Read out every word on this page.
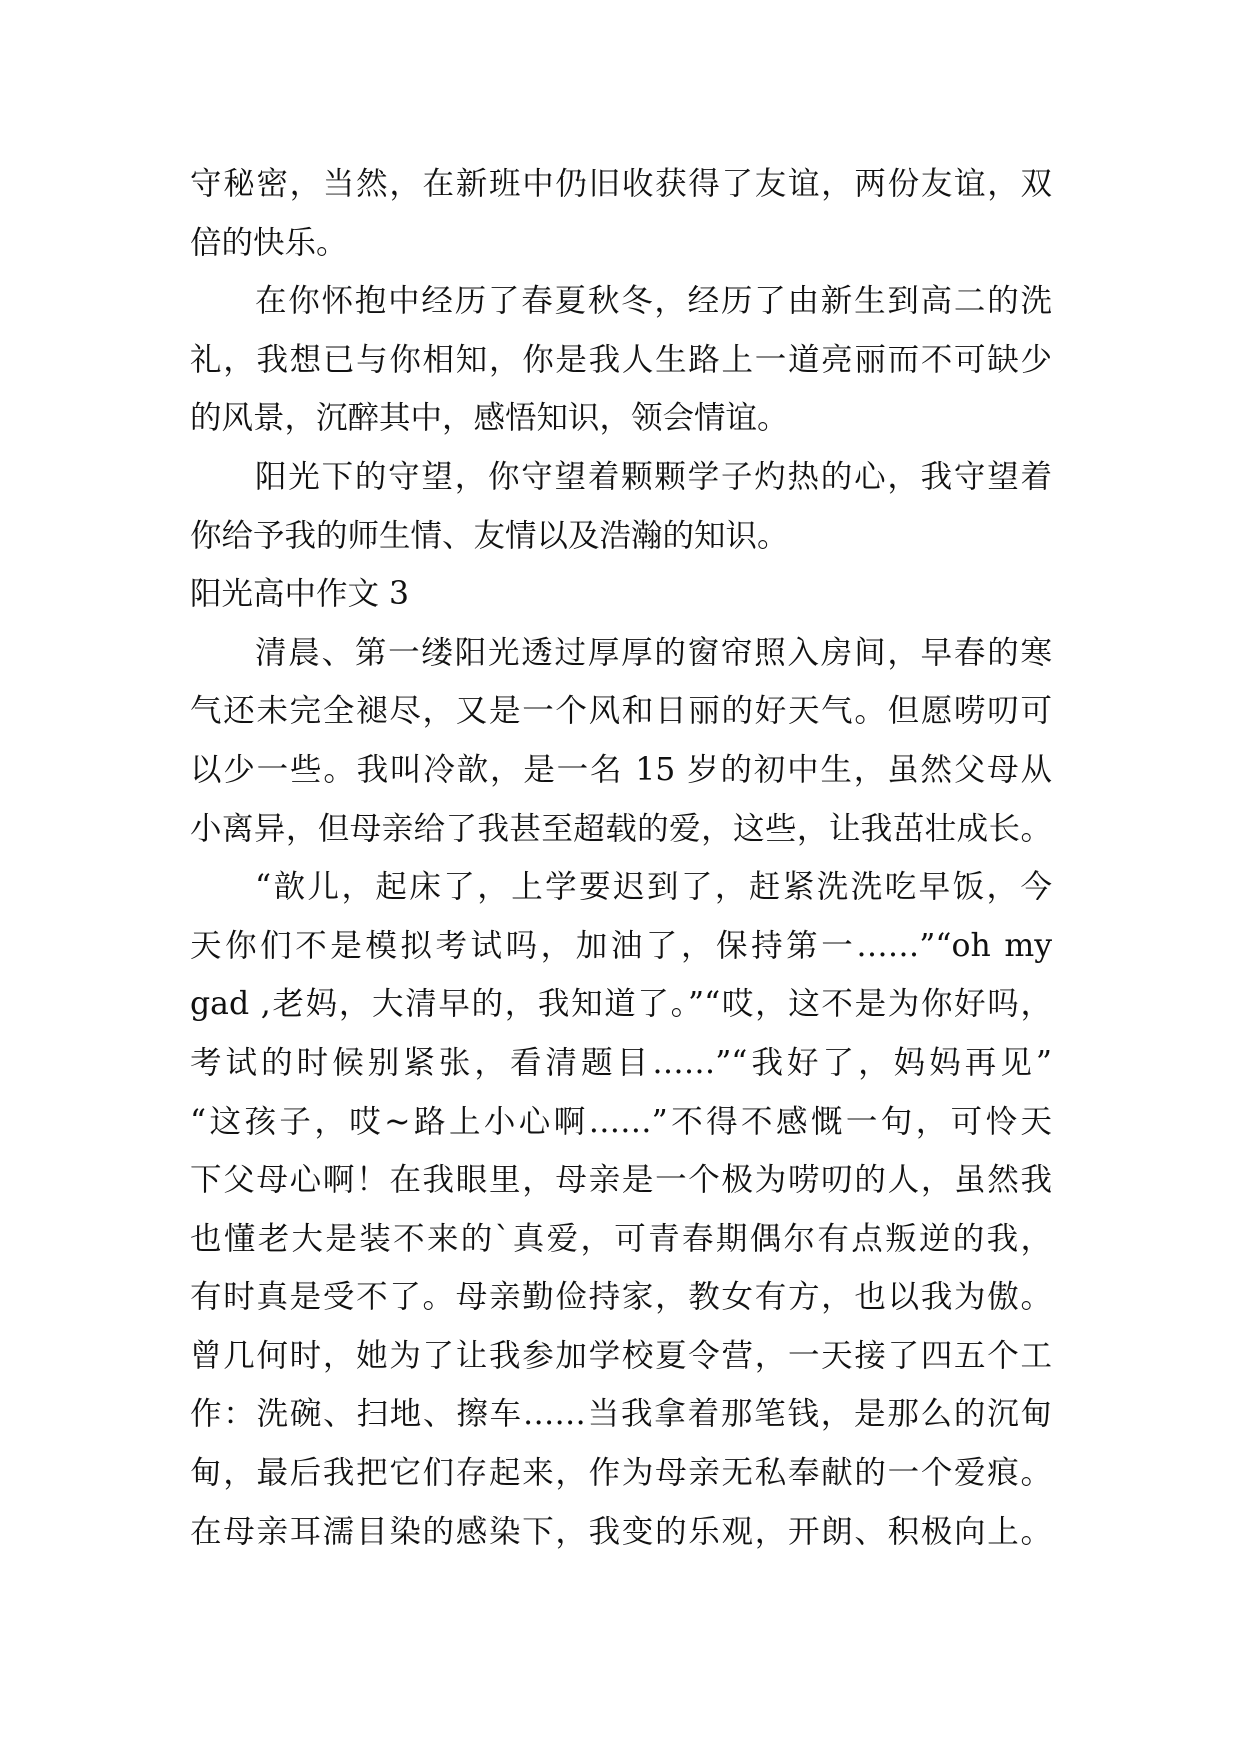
守秘密，当然，在新班中仍旧收获得了友谊，两份友谊，双
倍的快乐。
在你怀抱中经历了春夏秋冬，经历了由新生到高二的洗
礼，我想已与你相知，你是我人生路上一道亮丽而不可缺少
的风景，沉醉其中，感悟知识，领会情谊。
阳光下的守望，你守望着颗颗学子灼热的心，我守望着
你给予我的师生情、友情以及浩瀚的知识。
阳光高中作文 3
清晨、第一缕阳光透过厚厚的窗帘照入房间，早春的寒
气还未完全褪尽，又是一个风和日丽的好天气。但愿唠叨可
以少一些。我叫冷歆，是一名 15 岁的初中生，虽然父母从
小离异，但母亲给了我甚至超载的爱，这些，让我茁壮成长。
“歆儿，起床了，上学要迟到了，赶紧洗洗吃早饭，今
天你们不是模拟考试吗，加油了，保持第一……”“oh my
gad ,老妈，大清早的，我知道了。”“哎，这不是为你好吗，
考试的时候别紧张，看清题目……”“我好了，妈妈再见”
“这孩子，哎~路上小心啊……”不得不感慨一句，可怜天
下父母心啊！在我眼里，母亲是一个极为唠叨的人，虽然我
也懂老大是装不来的`真爱，可青春期偶尔有点叛逆的我，
有时真是受不了。母亲勤俭持家，教女有方，也以我为傲。
曾几何时，她为了让我参加学校夏令营，一天接了四五个工
作：洗碗、扫地、擦车……当我拿着那笔钱，是那么的沉甸
甸，最后我把它们存起来，作为母亲无私奉献的一个爱痕。
在母亲耳濡目染的感染下，我变的乐观，开朗、积极向上。
